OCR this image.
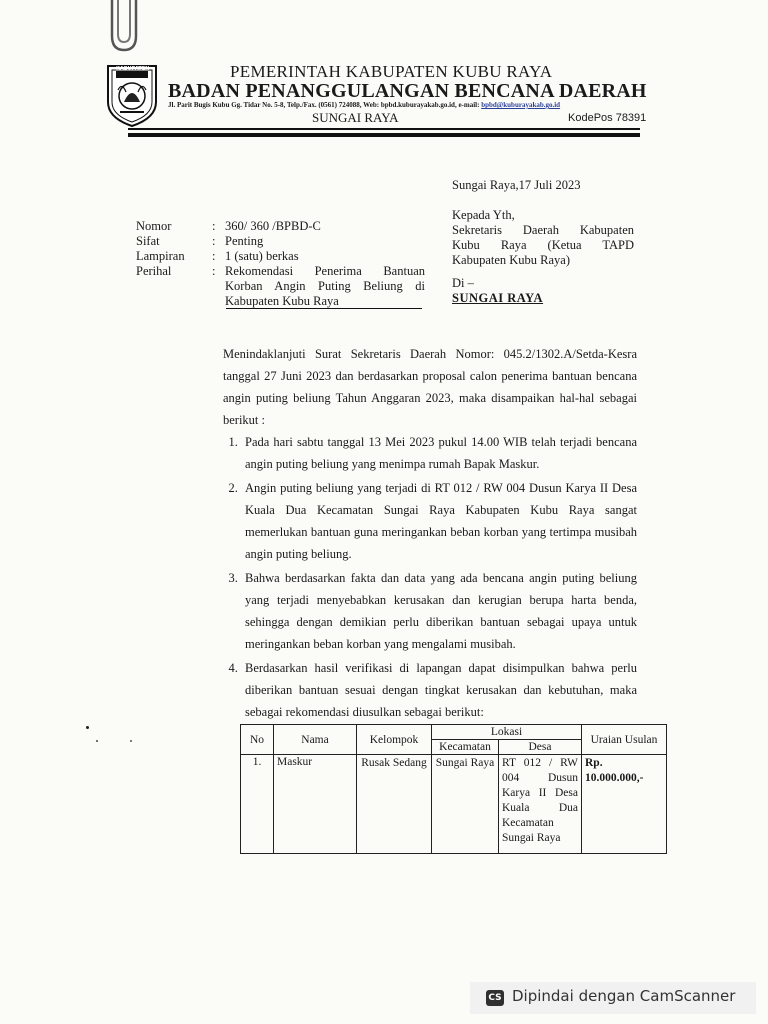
KABUPATEN	PEMERINTAH KABUPATEN KUBU RAYA
BADAN PENANGGULANGAN BENCANA DAERAH
Jl. Parit Bugis Kubu Gg. Tidar No. 5-8, Telp./Fax. (0561) 724088, Web: bpbd.kuburayakab.go.id, e-mail: bpbd@kuburayakab.go.id
SUNGAI RAYA	KodePos 78391
Sungai Raya,17 Juli 2023
Kepada Yth,
Sekretaris Daerah Kabupaten
Kubu Raya (Ketua TAPD
Kabupaten Kubu Raya)
Di –
SUNGAI RAYA
Nomor	:	360/ 360 /BPBD-C
Sifat	:	Penting
Lampiran	:	1 (satu) berkas
Perihal	:	Rekomendasi Penerima Bantuan
Korban Angin Puting Beliung di
Kabupaten Kubu Raya

Menindaklanjuti Surat Sekretaris Daerah Nomor: 045.2/1302.A/Setda-Kesra tanggal 27 Juni 2023 dan berdasarkan proposal calon penerima bantuan bencana angin puting beliung Tahun Anggaran 2023, maka disampaikan hal-hal sebagai berikut :

1. Pada hari sabtu tanggal 13 Mei 2023 pukul 14.00 WIB telah terjadi bencana angin puting beliung yang menimpa rumah Bapak Maskur.
2. Angin puting beliung yang terjadi di RT 012 / RW 004 Dusun Karya II Desa Kuala Dua Kecamatan Sungai Raya Kabupaten Kubu Raya sangat memerlukan bantuan guna meringankan beban korban yang tertimpa musibah angin puting beliung.
3. Bahwa berdasarkan fakta dan data yang ada bencana angin puting beliung yang terjadi menyebabkan kerusakan dan kerugian berupa harta benda, sehingga dengan demikian perlu diberikan bantuan sebagai upaya untuk meringankan beban korban yang mengalami musibah.
4. Berdasarkan hasil verifikasi di lapangan dapat disimpulkan bahwa perlu diberikan bantuan sesuai dengan tingkat kerusakan dan kebutuhan, maka sebagai rekomendasi diusulkan sebagai berikut:
No	Nama	Kelompok	Lokasi		Uraian Usulan
			Kecamatan	Desa	
1.	Maskur	Rusak Sedang	Sungai Raya	RT 012 / RW 004 Dusun Karya II Desa Kuala Dua Kecamatan Sungai Raya	Rp. 10.000.000,-
CS Dipindai dengan CamScanner
